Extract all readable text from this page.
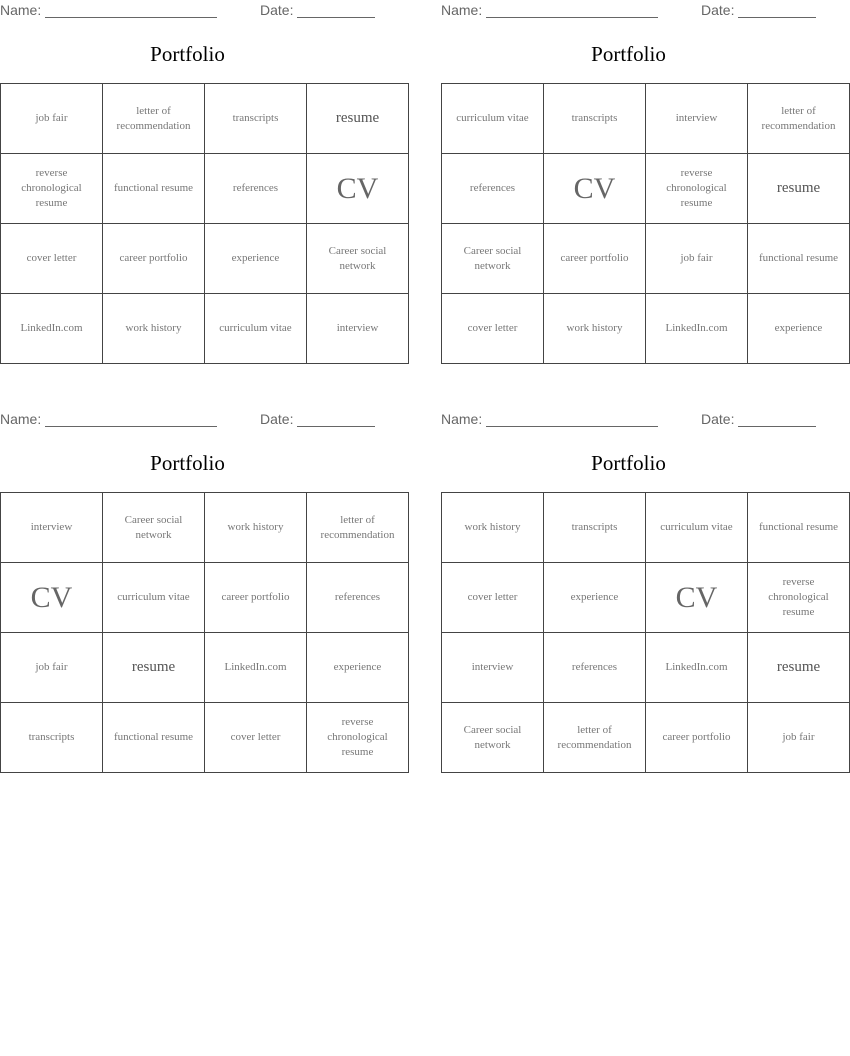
Name:	Date:
Portfolio
job fair	letter of recommendation	transcripts	resume
reverse chronological resume	functional resume	references	CV
cover letter	career portfolio	experience	Career social network
LinkedIn.com	work history	curriculum vitae	interview
Name:	Date:
Portfolio
curriculum vitae	transcripts	interview	letter of recommendation
references	CV	reverse chronological resume	resume
Career social network	career portfolio	job fair	functional resume
cover letter	work history	LinkedIn.com	experience
Name:	Date:
Portfolio
interview	Career social network	work history	letter of recommendation
CV	curriculum vitae	career portfolio	references
job fair	resume	LinkedIn.com	experience
transcripts	functional resume	cover letter	reverse chronological resume
Name:	Date:
Portfolio
work history	transcripts	curriculum vitae	functional resume
cover letter	experience	CV	reverse chronological resume
interview	references	LinkedIn.com	resume
Career social network	letter of recommendation	career portfolio	job fair
